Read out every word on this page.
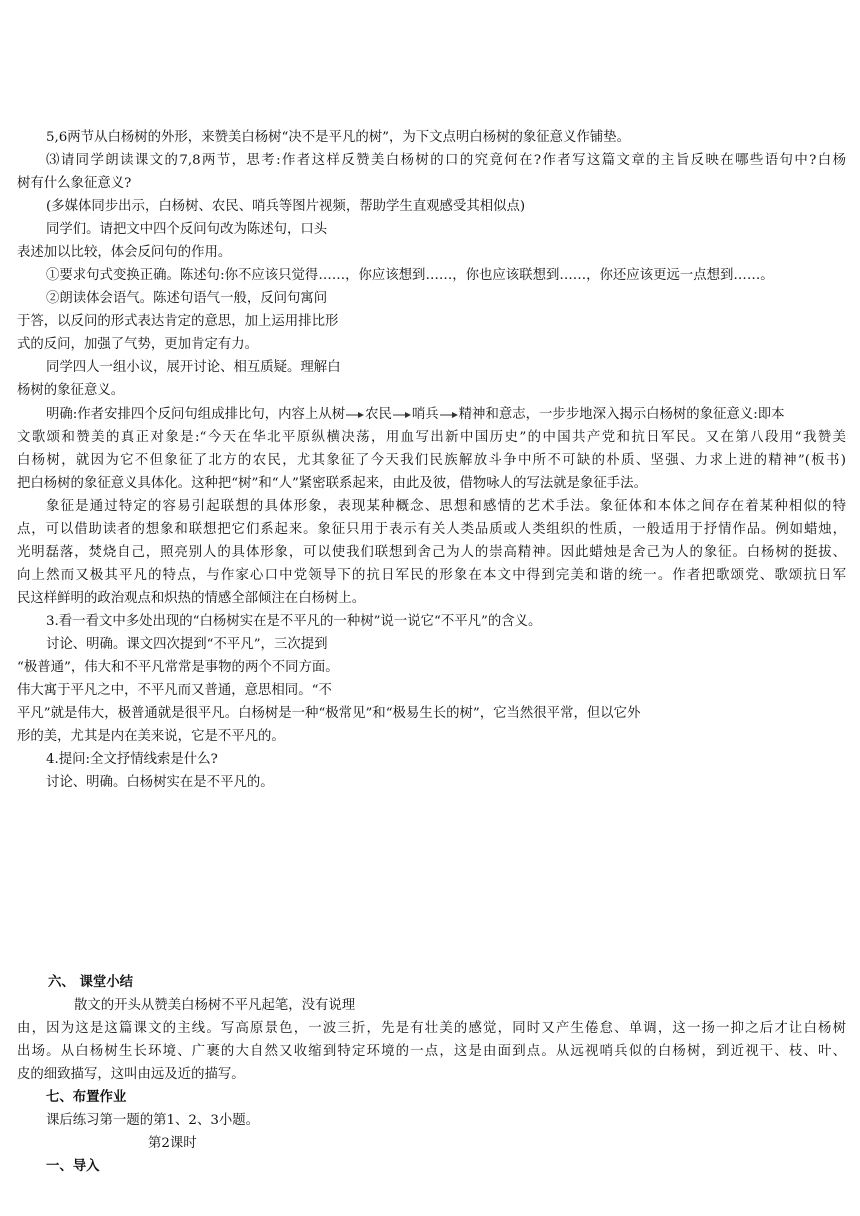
5,6两节从白杨树的外形，来赞美白杨树“决不是平凡的树”，为下文点明白杨树的象征意义作铺垫。
⑶请同学朗读课文的7,8两节，思考:作者这样反赞美白杨树的口的究竟何在?作者写这篇文章的主旨反映在哪些语句中?白杨
树有什么象征意义?
(多媒体同步出示，白杨树、农民、哨兵等图片视频，帮助学生直观感受其相似点)
同学们。请把文中四个反问句改为陈述句，口头
表述加以比较，体会反问句的作用。
①要求句式变换正确。陈述句:你不应该只觉得……，你应该想到……，你也应该联想到……，你还应该更远一点想到……。
②朗读体会语气。陈述句语气一般，反问句寓问
于答，以反问的形式表达肯定的意思，加上运用排比形
式的反问，加强了气势，更加肯定有力。
同学四人一组小议，展开讨论、相互质疑。理解白
杨树的象征意义。
明确:作者安排四个反问句组成排比句，内容上从树 农民 哨兵 精神和意志，一步步地深入揭示白杨树的象征意义:即本
文歌颂和赞美的真正对象是:“今天在华北平原纵横决荡，用血写出新中国历史”的中国共产党和抗日军民。又在第八段用“我赞美
白杨树，就因为它不但象征了北方的农民，尤其象征了今天我们民族解放斗争中所不可缺的朴质、坚强、力求上进的精神”(板书)
把白杨树的象征意义具体化。这种把“树”和“人”紧密联系起来，由此及彼，借物咏人的写法就是象征手法。
象征是通过特定的容易引起联想的具体形象，表现某种概念、思想和感情的艺术手法。象征体和本体之间存在着某种相似的特
点，可以借助读者的想象和联想把它们系起来。象征只用于表示有关人类品质或人类组织的性质，一般适用于抒情作品。例如蜡烛，
光明磊落，焚烧自己，照亮别人的具体形象，可以使我们联想到舍己为人的崇高精神。因此蜡烛是舍己为人的象征。白杨树的挺拔、
向上然而又极其平凡的特点，与作家心口中党领导下的抗日军民的形象在本文中得到完美和谐的统一。作者把歌颂党、歌颂抗日军
民这样鲜明的政治观点和炽热的情感全部倾注在白杨树上。
3.看一看文中多处出现的“白杨树实在是不平凡的一种树”说一说它“不平凡”的含义。
讨论、明确。课文四次提到“不平凡”，三次提到
“极普通”，伟大和不平凡常常是事物的两个不同方面。
伟大寓于平凡之中，不平凡而又普通，意思相同。“不
平凡”就是伟大，极普通就是很平凡。白杨树是一种“极常见”和“极易生长的树”，它当然很平常，但以它外
形的美，尤其是内在美来说，它是不平凡的。
4.提问:全文抒情线索是什么?
讨论、明确。白杨树实在是不平凡的。
六、 课堂小结
散文的开头从赞美白杨树不平凡起笔，没有说理
由，因为这是这篇课文的主线。写高原景色，一波三折，先是有壮美的感觉，同时又产生倦怠、单调，这一扬一抑之后才让白杨树
出场。从白杨树生长环境、广裹的大自然又收缩到特定环境的一点，这是由面到点。从远视哨兵似的白杨树，到近视干、枝、叶、
皮的细致描写，这叫由远及近的描写。
七、布置作业
课后练习第一题的第1、2、3小题。
第2课时
一、导入
